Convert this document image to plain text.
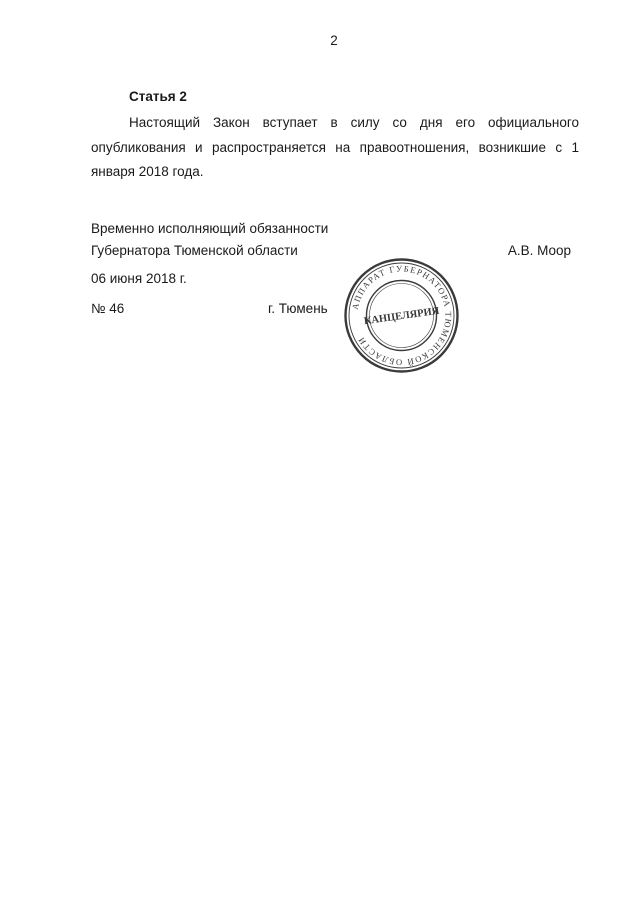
2
Статья 2

Настоящий Закон вступает в силу со дня его официального опубликования и распространяется на правоотношения, возникшие с 1 января 2018 года.

Временно исполняющий обязанности
Губернатора Тюменской области	А.В. Моор
06 июня 2018 г.
№ 46	г. Тюмень	АППАРАТ ГУБЕРНАТОРА ТЮМЕНСКОЙ ОБЛАСТИ
КАНЦЕЛЯРИЯ
